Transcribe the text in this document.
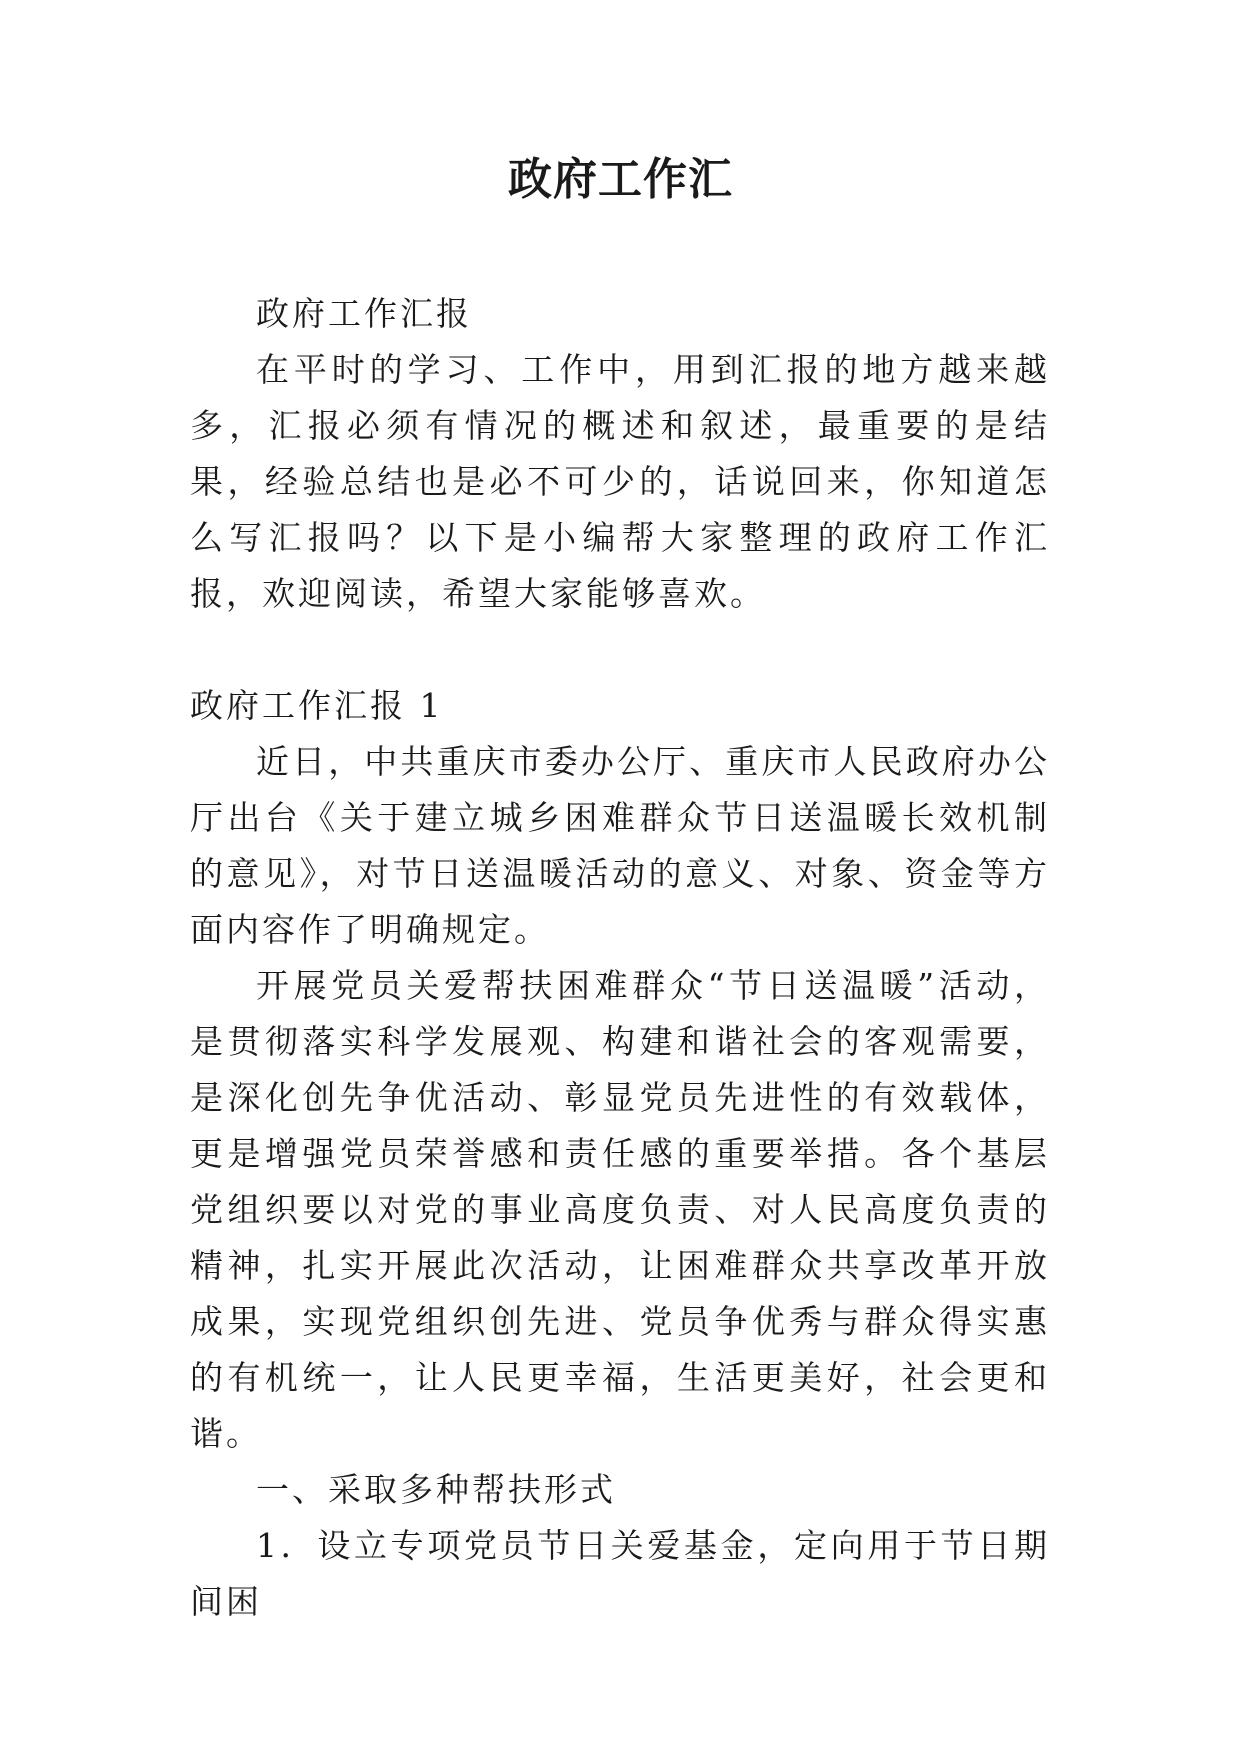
政府工作汇

政府工作汇报

在平时的学习、工作中，用到汇报的地方越来越多，汇报必须有情况的概述和叙述，最重要的是结果，经验总结也是必不可少的，话说回来，你知道怎么写汇报吗？以下是小编帮大家整理的政府工作汇报，欢迎阅读，希望大家能够喜欢。

政府工作汇报 1

近日，中共重庆市委办公厅、重庆市人民政府办公厅出台《关于建立城乡困难群众节日送温暖长效机制的意见》，对节日送温暖活动的意义、对象、资金等方面内容作了明确规定。

开展党员关爱帮扶困难群众“节日送温暖”活动，是贯彻落实科学发展观、构建和谐社会的客观需要，是深化创先争优活动、彰显党员先进性的有效载体，更是增强党员荣誉感和责任感的重要举措。各个基层党组织要以对党的事业高度负责、对人民高度负责的精神，扎实开展此次活动，让困难群众共享改革开放成果，实现党组织创先进、党员争优秀与群众得实惠的有机统一，让人民更幸福，生活更美好，社会更和谐。

一、采取多种帮扶形式

1．设立专项党员节日关爱基金，定向用于节日期间困
